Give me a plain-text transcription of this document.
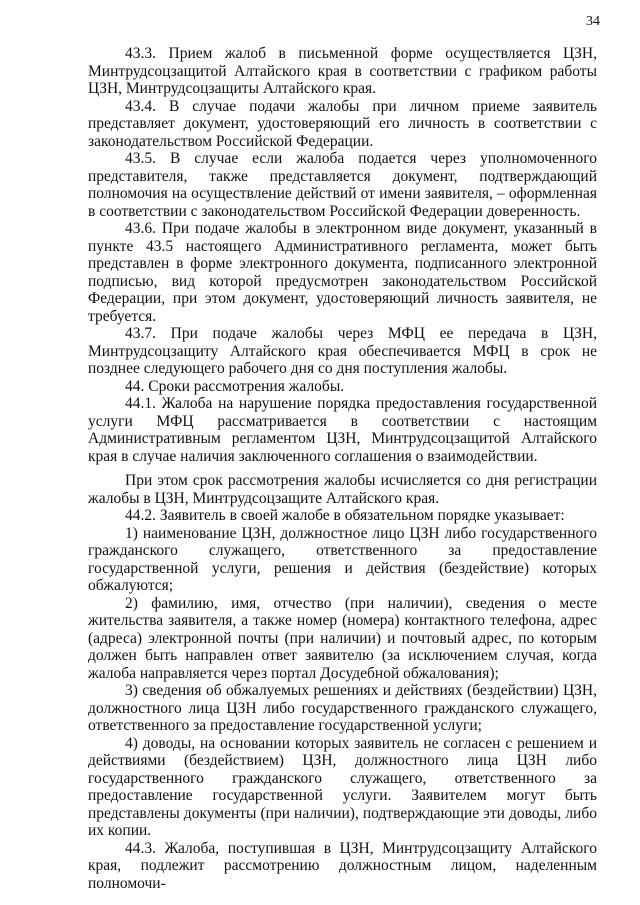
34

43.3. Прием жалоб в письменной форме осуществляется ЦЗН, Минтрудсоцзащитой Алтайского края в соответствии с графиком работы ЦЗН, Минтрудсоцзащиты Алтайского края.

43.4. В случае подачи жалобы при личном приеме заявитель представляет документ, удостоверяющий его личность в соответствии с законодательством Российской Федерации.

43.5. В случае если жалоба подается через уполномоченного представителя, также представляется документ, подтверждающий полномочия на осуществление действий от имени заявителя, – оформленная в соответствии с законодательством Российской Федерации доверенность.

43.6. При подаче жалобы в электронном виде документ, указанный в пункте 43.5 настоящего Административного регламента, может быть представлен в форме электронного документа, подписанного электронной подписью, вид которой предусмотрен законодательством Российской Федерации, при этом документ, удостоверяющий личность заявителя, не требуется.

43.7. При подаче жалобы через МФЦ ее передача в ЦЗН, Минтрудсоцзащиту Алтайского края обеспечивается МФЦ в срок не позднее следующего рабочего дня со дня поступления жалобы.

44. Сроки рассмотрения жалобы.

44.1. Жалоба на нарушение порядка предоставления государственной услуги МФЦ рассматривается в соответствии с настоящим Административным регламентом ЦЗН, Минтрудсоцзащитой Алтайского края в случае наличия заключенного соглашения о взаимодействии.

При этом срок рассмотрения жалобы исчисляется со дня регистрации жалобы в ЦЗН, Минтрудсоцзащите Алтайского края.

44.2. Заявитель в своей жалобе в обязательном порядке указывает:

1) наименование ЦЗН, должностное лицо ЦЗН либо государственного гражданского служащего, ответственного за предоставление государственной услуги, решения и действия (бездействие) которых обжалуются;

2) фамилию, имя, отчество (при наличии), сведения о месте жительства заявителя, а также номер (номера) контактного телефона, адрес (адреса) электронной почты (при наличии) и почтовый адрес, по которым должен быть направлен ответ заявителю (за исключением случая, когда жалоба направляется через портал Досудебной обжалования);

3) сведения об обжалуемых решениях и действиях (бездействии) ЦЗН, должностного лица ЦЗН либо государственного гражданского служащего, ответственного за предоставление государственной услуги;

4) доводы, на основании которых заявитель не согласен с решением и действиями (бездействием) ЦЗН, должностного лица ЦЗН либо государственного гражданского служащего, ответственного за предоставление государственной услуги. Заявителем могут быть представлены документы (при наличии), подтверждающие эти доводы, либо их копии.

44.3. Жалоба, поступившая в ЦЗН, Минтрудсоцзащиту Алтайского края, подлежит рассмотрению должностным лицом, наделенным полномочи-
